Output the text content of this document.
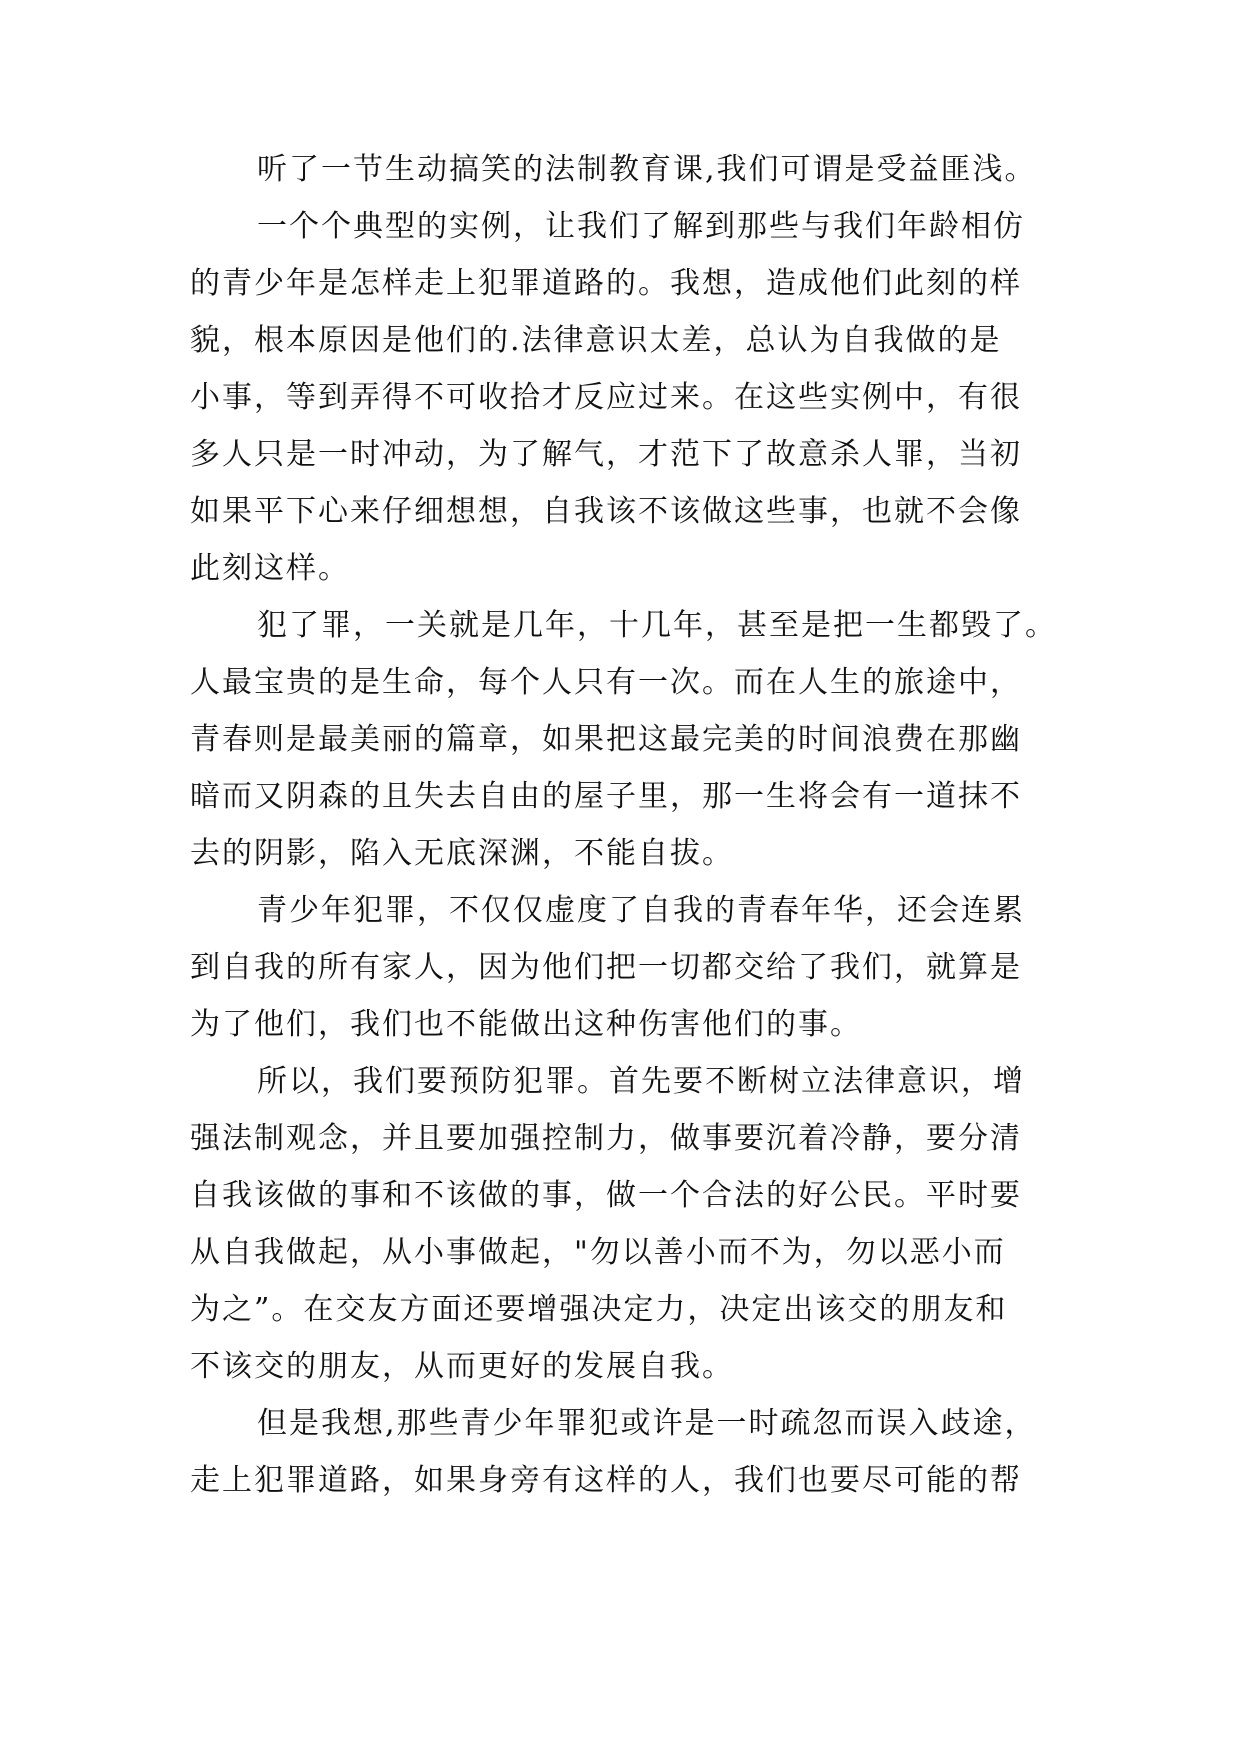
听了一节生动搞笑的法制教育课,我们可谓是受益匪浅。

一个个典型的实例，让我们了解到那些与我们年龄相仿

的青少年是怎样走上犯罪道路的。我想，造成他们此刻的样

貌，根本原因是他们的.法律意识太差，总认为自我做的是

小事，等到弄得不可收拾才反应过来。在这些实例中，有很

多人只是一时冲动，为了解气，才范下了故意杀人罪，当初

如果平下心来仔细想想，自我该不该做这些事，也就不会像

此刻这样。

犯了罪，一关就是几年，十几年，甚至是把一生都毁了。

人最宝贵的是生命，每个人只有一次。而在人生的旅途中，

青春则是最美丽的篇章，如果把这最完美的时间浪费在那幽

暗而又阴森的且失去自由的屋子里，那一生将会有一道抹不

去的阴影，陷入无底深渊，不能自拔。

青少年犯罪，不仅仅虚度了自我的青春年华，还会连累

到自我的所有家人，因为他们把一切都交给了我们，就算是

为了他们，我们也不能做出这种伤害他们的事。

所以，我们要预防犯罪。首先要不断树立法律意识，增

强法制观念，并且要加强控制力，做事要沉着冷静，要分清

自我该做的事和不该做的事，做一个合法的好公民。平时要

从自我做起，从小事做起，"勿以善小而不为，勿以恶小而

为之”。在交友方面还要增强决定力，决定出该交的朋友和

不该交的朋友，从而更好的发展自我。

但是我想,那些青少年罪犯或许是一时疏忽而误入歧途，

走上犯罪道路，如果身旁有这样的人，我们也要尽可能的帮
